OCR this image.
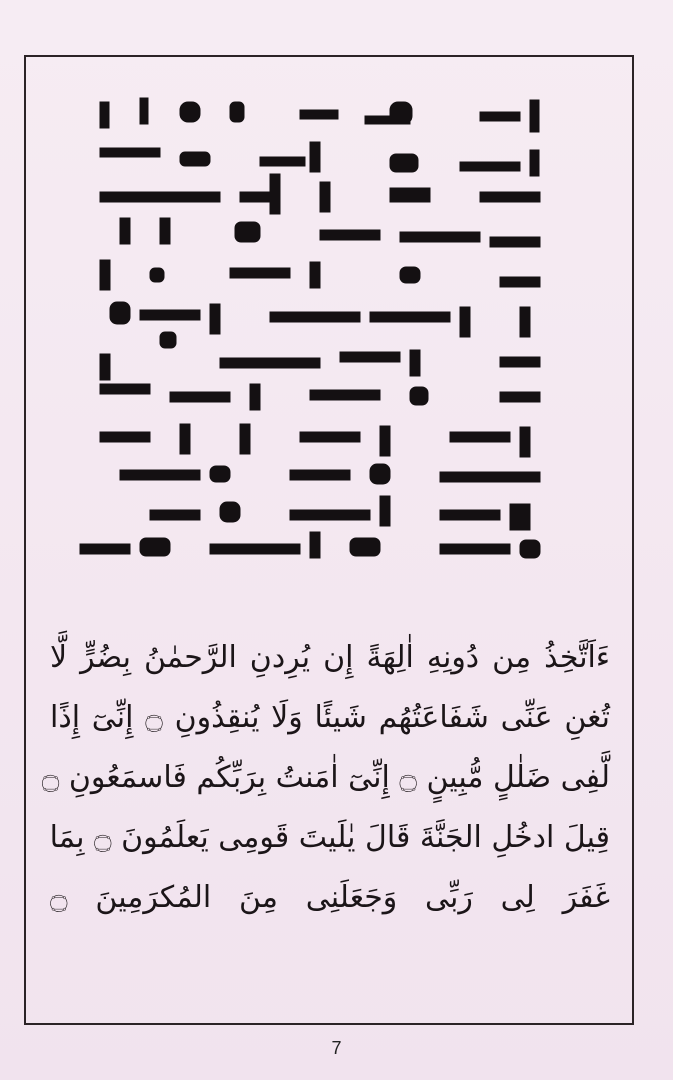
ءَاَتَّخِذُ مِن دُونِهِ اٰلِهَةً إِن يُرِدنِ الرَّحمٰنُ بِضُرٍّ لَّا
تُغنِ عَنِّى شَفَاعَتُهُم شَيئًا وَلَا يُنقِذُونِ ۝ إِنِّىٓ إِذًا
لَّفِى ضَلٰلٍ مُّبِينٍ ۝ إِنِّىٓ اٰمَنتُ بِرَبِّكُم فَاسمَعُونِ ۝
قِيلَ ادخُلِ الجَنَّةَ قَالَ يٰلَيتَ قَومِى يَعلَمُونَ ۝ بِمَا
غَفَرَ لِى رَبِّى وَجَعَلَنِى مِنَ المُكرَمِينَ ۝
7
